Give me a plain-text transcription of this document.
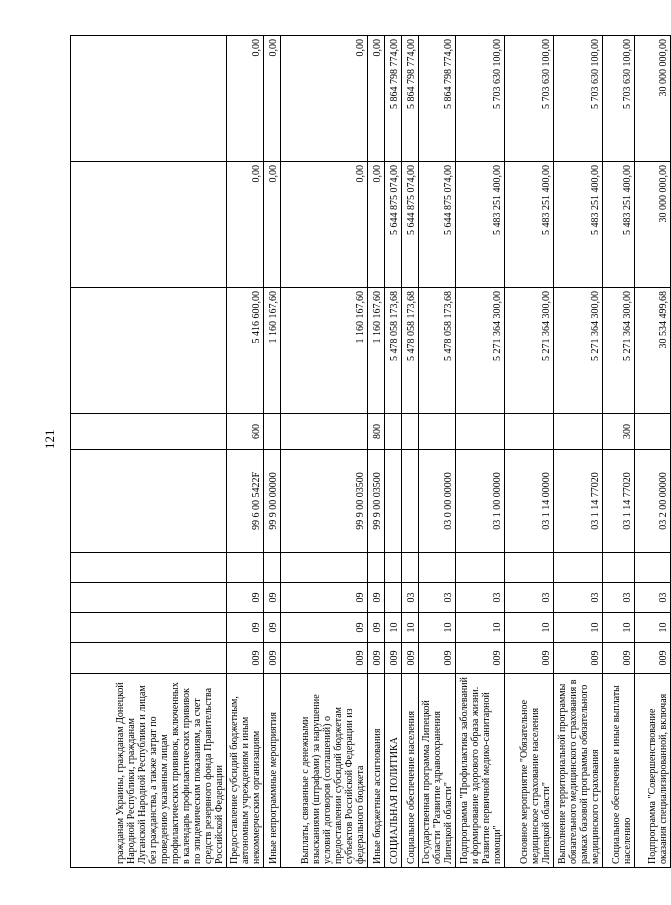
121
гражданам Украины, гражданам Донецкой Народной Республики, гражданам Луганской Народной Республики и лицам без гражданства, а также затрат по проведению указанным лицам профилактических прививок, включенных в календарь профилактических прививок по эпидемическим показаниям, за счет средств резервного фонда Правительства Российской Федерации									
Предоставление субсидий бюджетным, автономным учреждениям и иным некоммерческим организациям	009	09	09		99 6 00 5422F	600	5 416 600,00	0,00	0,00
Иные непрограммные мероприятия	009	09	09		99 9 00 00000		1 160 167,60	0,00	0,00
Выплаты, связанные с денежными взысканиями (штрафами) за нарушение условий договоров (соглашений) о предоставлении субсидий бюджетам субъектов Российской Федерации из федерального бюджета	009	09	09		99 9 00 03500		1 160 167,60	0,00	0,00
Иные бюджетные ассигнования	009	09	09		99 9 00 03500	800	1 160 167,60	0,00	0,00
СОЦИАЛЬНАЯ ПОЛИТИКА	009	10					5 478 058 173,68	5 644 875 074,00	5 864 798 774,00
Социальное обеспечение населения	009	10	03				5 478 058 173,68	5 644 875 074,00	5 864 798 774,00
Государственная программа Липецкой области "Развитие здравоохранения Липецкой области"	009	10	03		03 0 00 00000		5 478 058 173,68	5 644 875 074,00	5 864 798 774,00
Подпрограмма "Профилактика заболеваний и формирование здорового образа жизни. Развитие первичной медико-санитарной помощи"	009	10	03		03 1 00 00000		5 271 364 300,00	5 483 251 400,00	5 703 630 100,00
Основное мероприятие "Обязательное медицинское страхование населения Липецкой области"	009	10	03		03 1 14 00000		5 271 364 300,00	5 483 251 400,00	5 703 630 100,00
Выполнение территориальной программы обязательного медицинского страхования в рамках базовой программы обязательного медицинского страхования	009	10	03		03 1 14 77020		5 271 364 300,00	5 483 251 400,00	5 703 630 100,00
Социальное обеспечение и иные выплаты населению	009	10	03		03 1 14 77020	300	5 271 364 300,00	5 483 251 400,00	5 703 630 100,00
Подпрограмма "Совершенствование оказания специализированной, включая	009	10	03		03 2 00 00000		30 534 499,68	30 000 000,00	30 000 000,00
